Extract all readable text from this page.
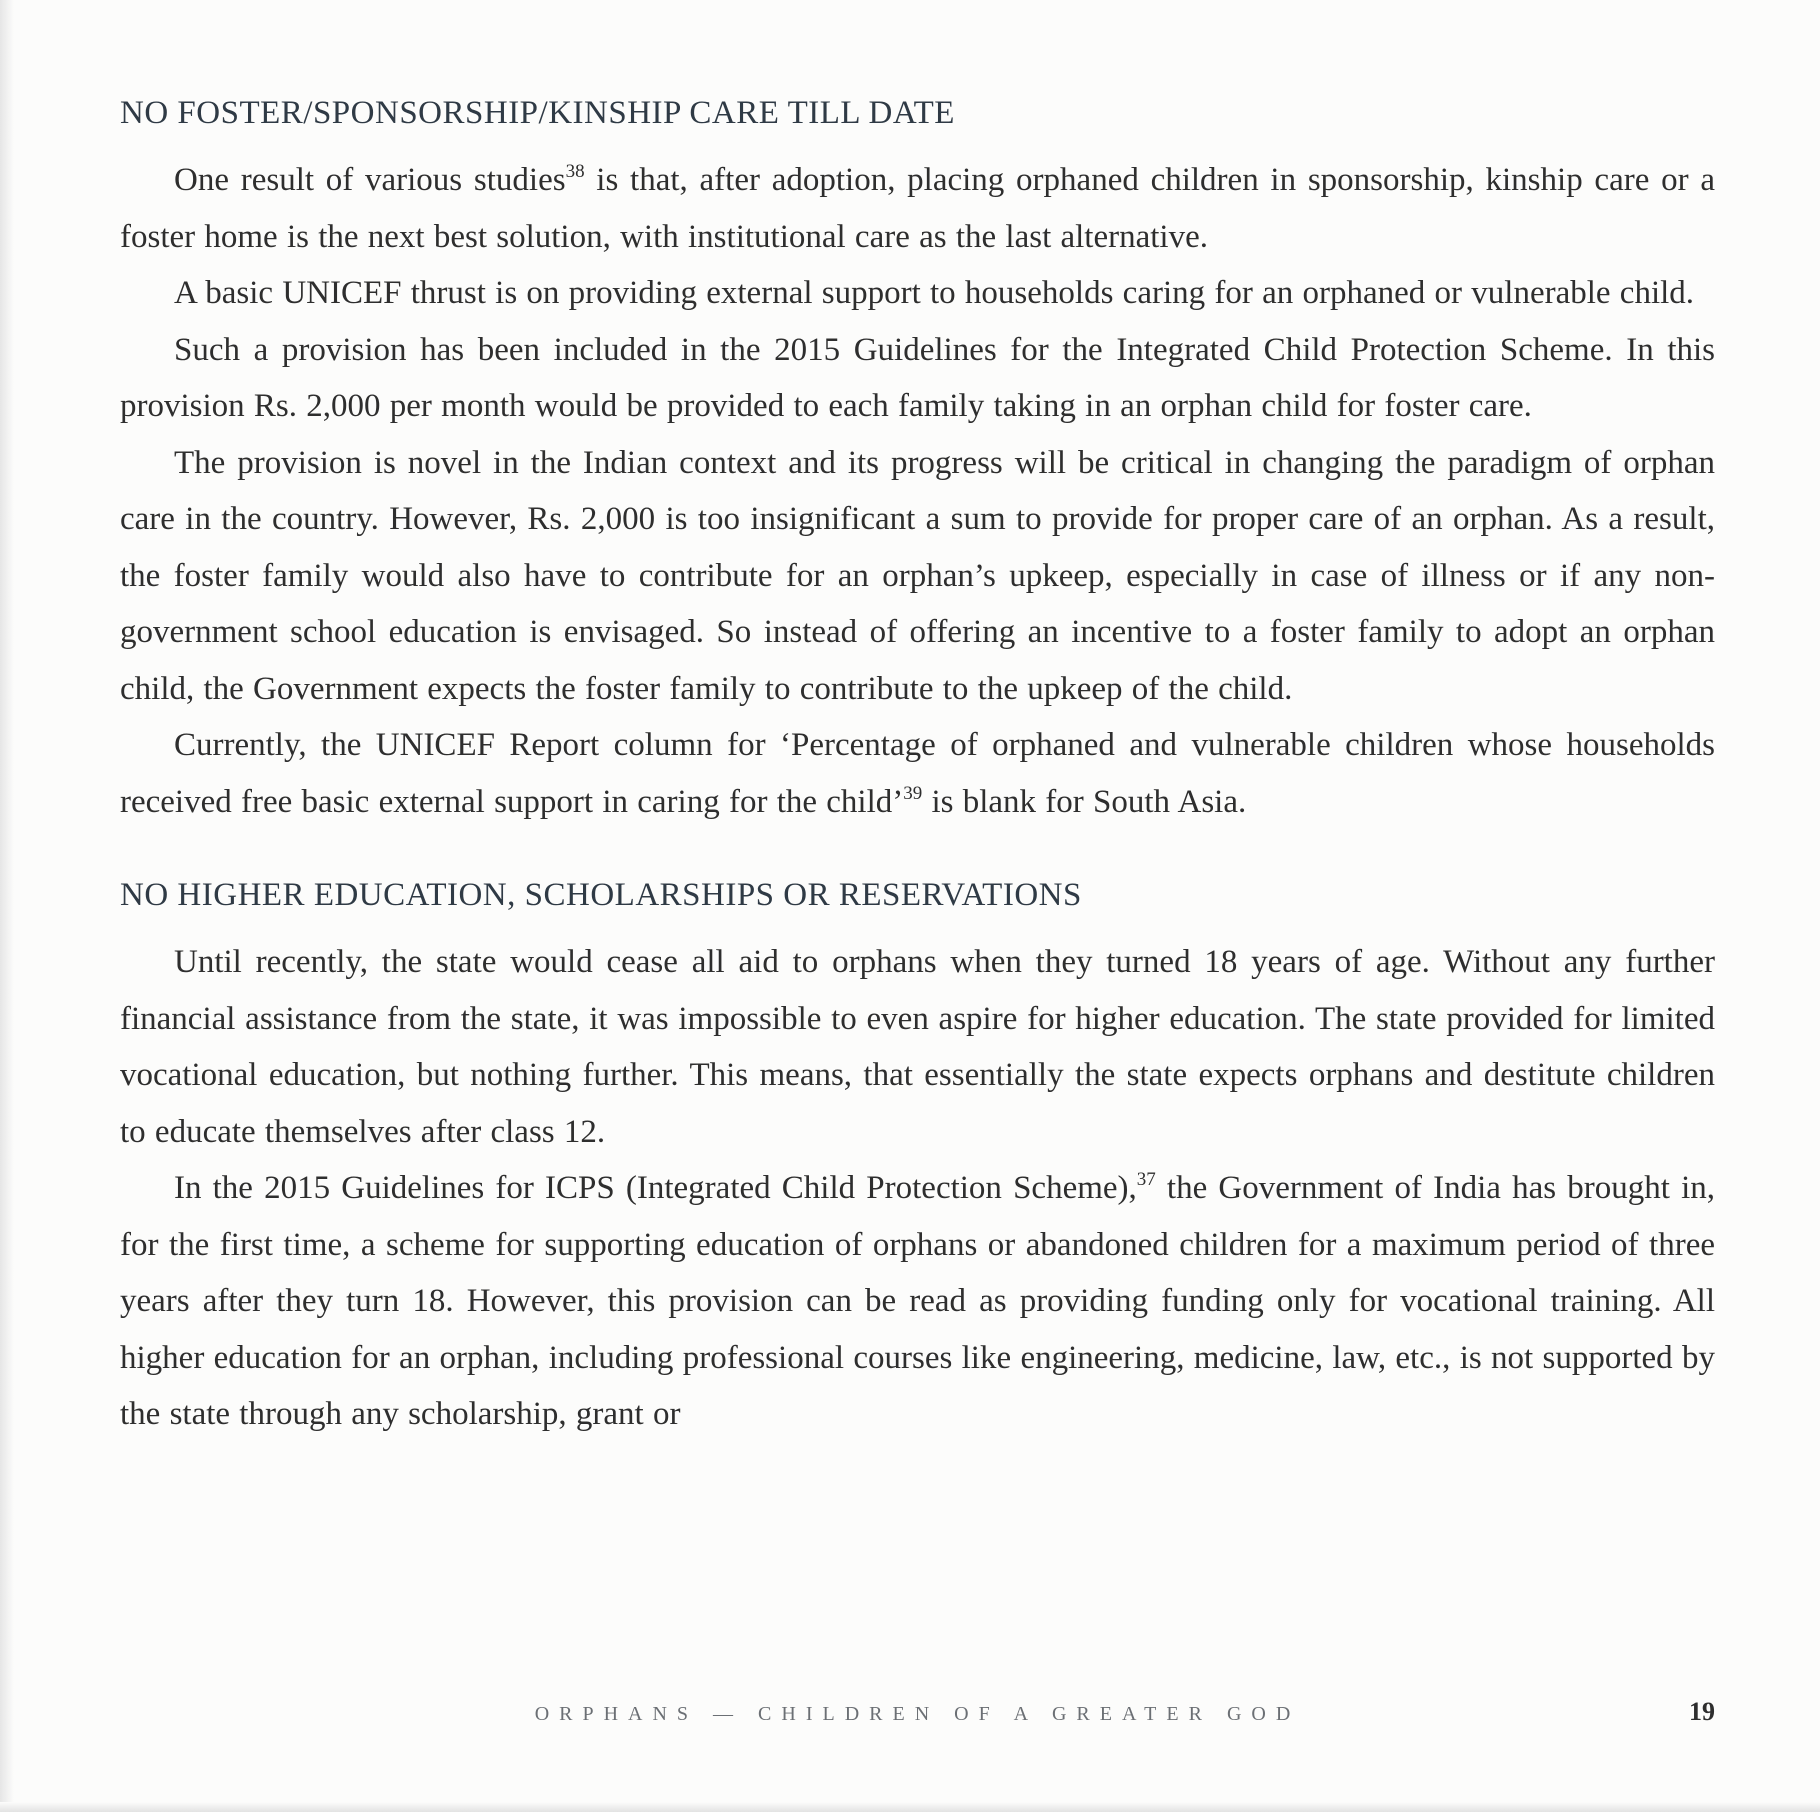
NO FOSTER/SPONSORSHIP/KINSHIP CARE TILL DATE

One result of various studies$^{38}$ is that, after adoption, placing orphaned children in sponsorship, kinship care or a foster home is the next best solution, with institutional care as the last alternative.

A basic UNICEF thrust is on providing external support to households caring for an orphaned or vulnerable child.

Such a provision has been included in the 2015 Guidelines for the Integrated Child Protection Scheme. In this provision Rs. 2,000 per month would be provided to each family taking in an orphan child for foster care.

The provision is novel in the Indian context and its progress will be critical in changing the paradigm of orphan care in the country. However, Rs. 2,000 is too insignificant a sum to provide for proper care of an orphan. As a result, the foster family would also have to contribute for an orphan’s upkeep, especially in case of illness or if any non-government school education is envisaged. So instead of offering an incentive to a foster family to adopt an orphan child, the Government expects the foster family to contribute to the upkeep of the child.

Currently, the UNICEF Report column for ‘Percentage of orphaned and vulnerable children whose households received free basic external support in caring for the child’$^{39}$ is blank for South Asia.

NO HIGHER EDUCATION, SCHOLARSHIPS OR RESERVATIONS

Until recently, the state would cease all aid to orphans when they turned 18 years of age. Without any further financial assistance from the state, it was impossible to even aspire for higher education. The state provided for limited vocational education, but nothing further. This means, that essentially the state expects orphans and destitute children to educate themselves after class 12.

In the 2015 Guidelines for ICPS (Integrated Child Protection Scheme),$^{37}$ the Government of India has brought in, for the first time, a scheme for supporting education of orphans or abandoned children for a maximum period of three years after they turn 18. However, this provision can be read as providing funding only for vocational training. All higher education for an orphan, including professional courses like engineering, medicine, law, etc., is not supported by the state through any scholarship, grant or

ORPHANS — CHILDREN OF A GREATER GOD	19
